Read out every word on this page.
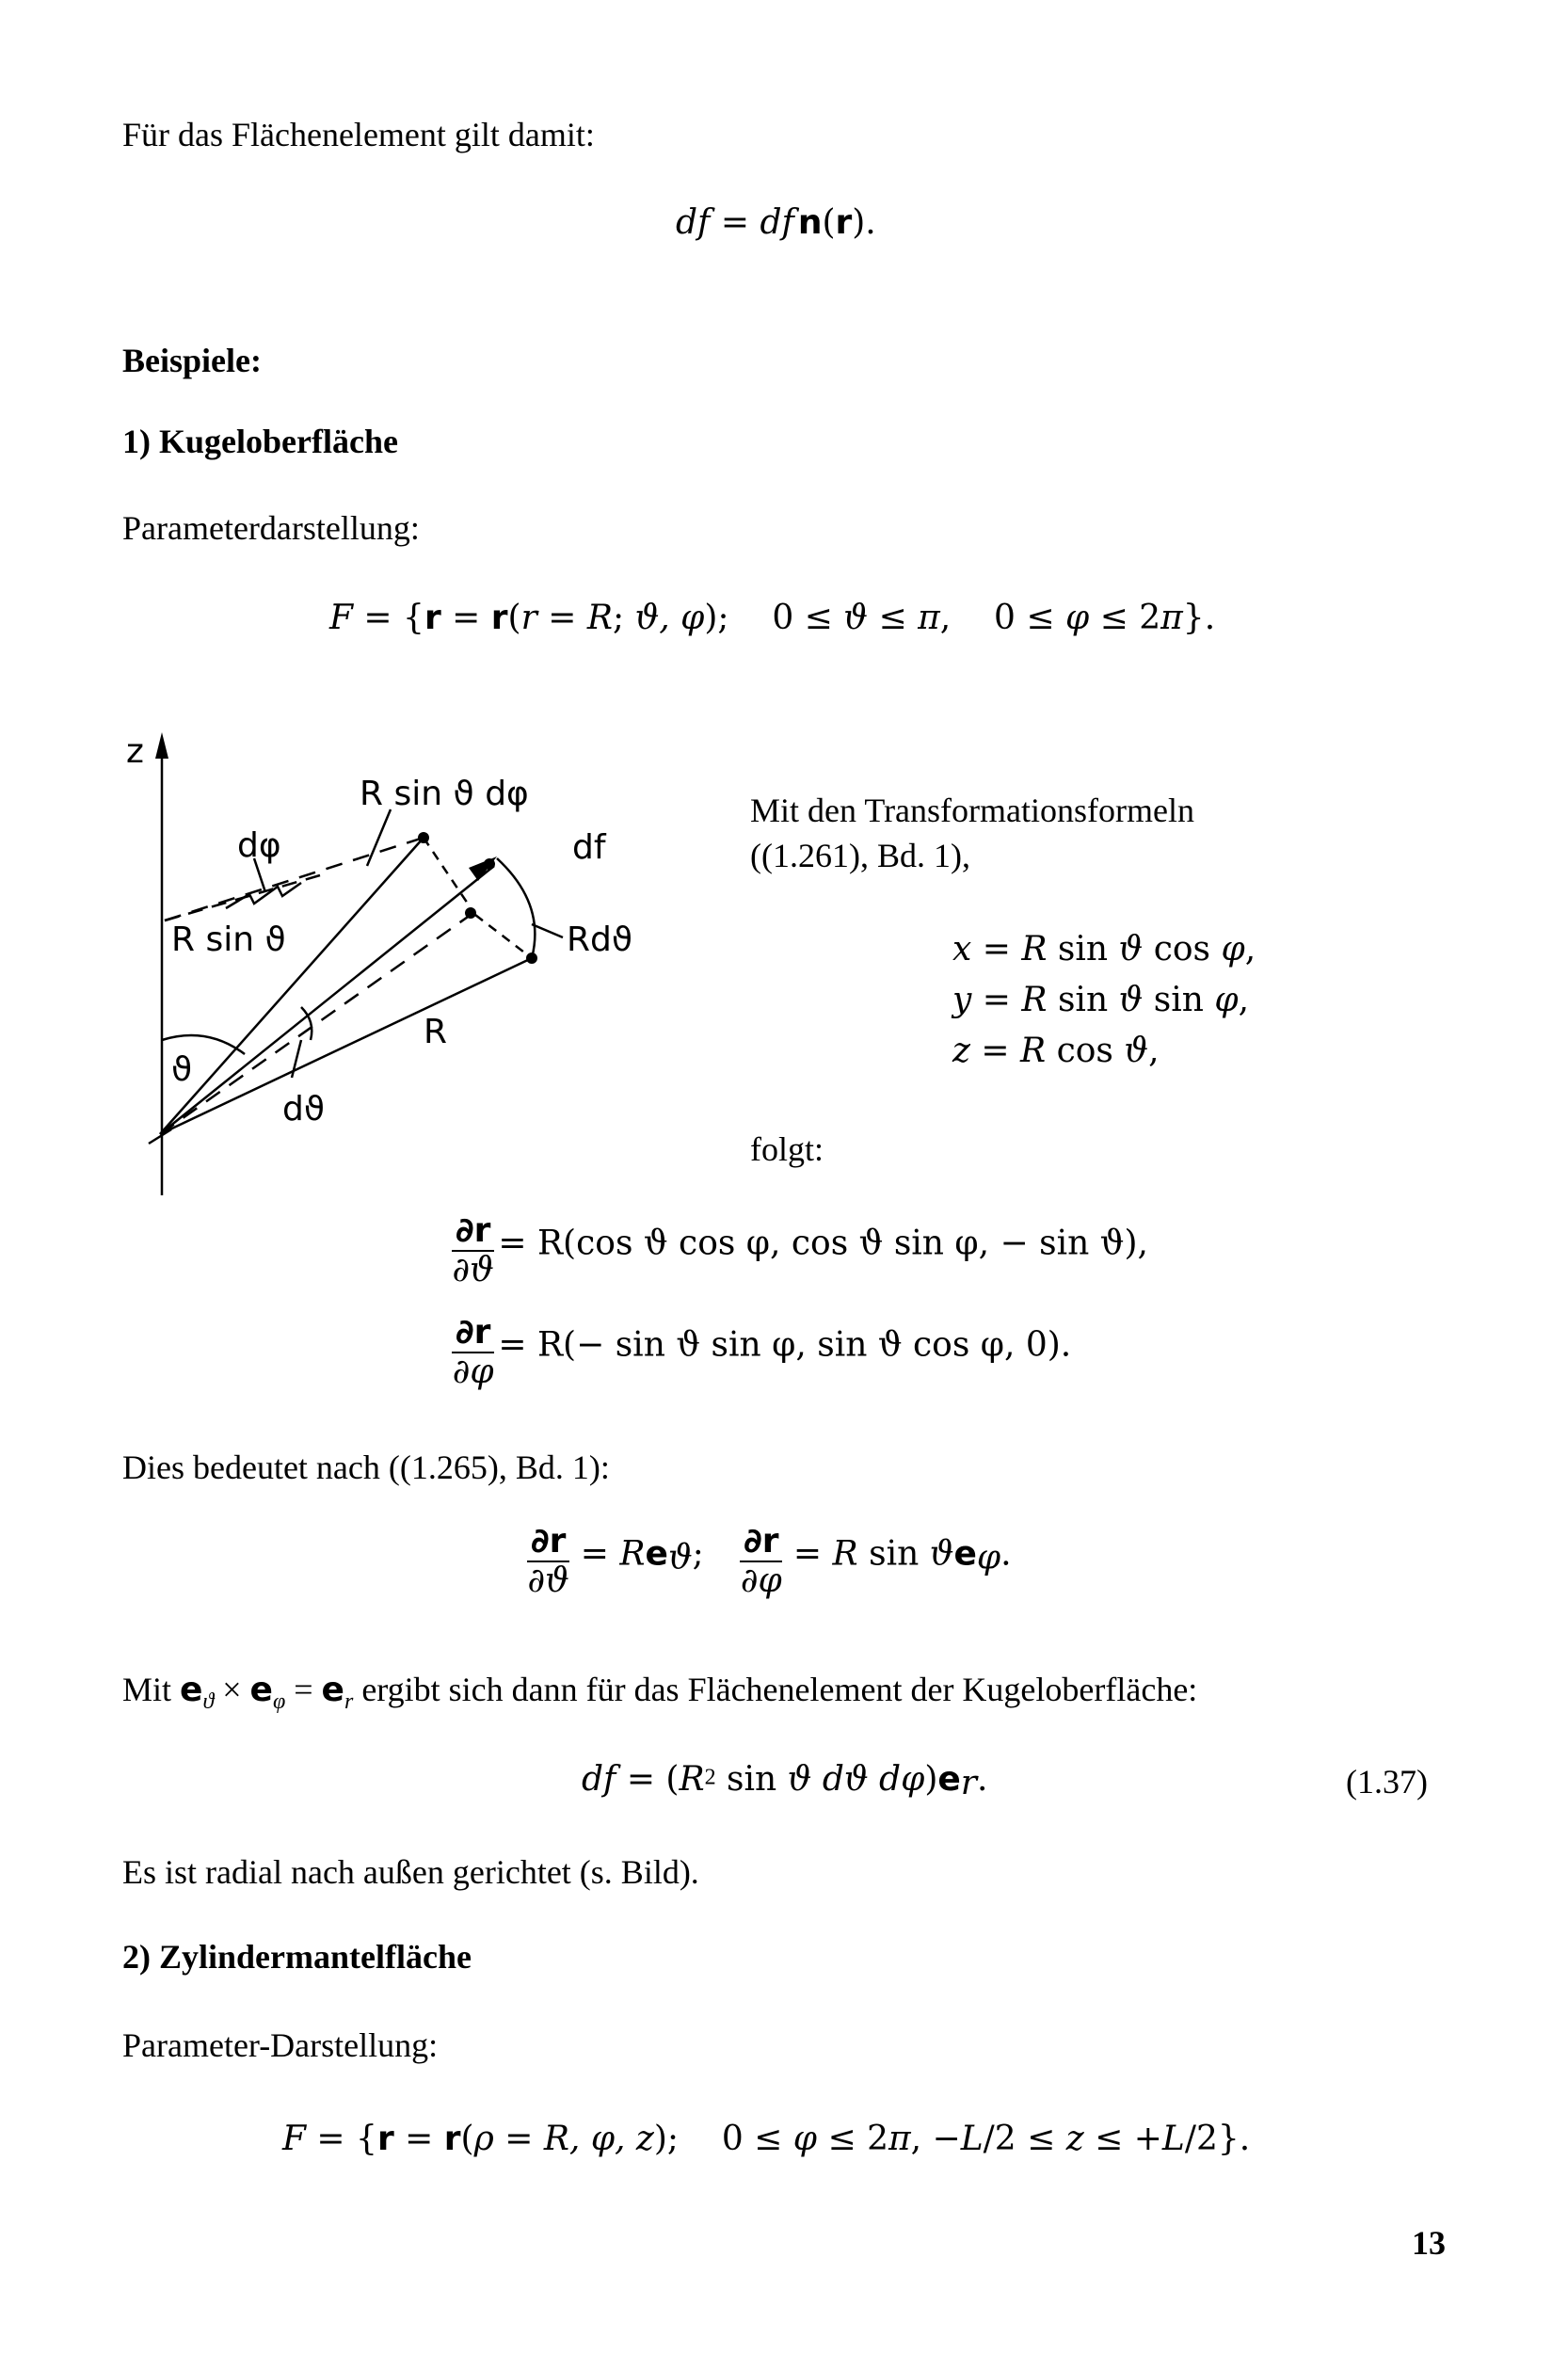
Für das Flächenelement gilt damit:
df = df n(r).
Beispiele:
1) Kugeloberfläche
Parameterdarstellung:
F = {r = r(r = R; ϑ, φ);    0 ≤ ϑ ≤ π,    0 ≤ φ ≤ 2π}.
z
R sin ϑ dφ
dφ	df
R sin ϑ	Rdϑ
R
ϑ
dϑ
Mit den Transformationsformeln
((1.261), Bd. 1),
x = R sin ϑ cos φ,
y = R sin ϑ sin φ,
z = R cos ϑ,
folgt:
$\frac{\partial r}{\partial ϑ} = R(\cos$ ϑ cos φ, cos ϑ sin φ, − sin ϑ),
$\frac{\partial r}{\partial\varphi} = R(- \sin ϑ$ sin φ, sin ϑ cos φ, 0).
Dies bedeutet nach ((1.265), Bd. 1):
$\frac{\partial r}{\partial ϑ} = Re_ϑ$; $\frac{\partial r}{\partial\varphi} = R$ $\sin ϑe_\varphi$.
Mit $e_ϑ \times e_\varphi = e_r$ ergibt sich dann für das Flächenelement der Kugeloberfläche:
df = ($R^2$ sin ϑ dϑ $d\varphi)e_r$.	(1.37)
Es ist radial nach außen gerichtet (s. Bild).
2) Zylindermantelfläche
Parameter-Darstellung:
F = {r = r(ρ = R, φ, z);    0 ≤ φ ≤ 2π, −L/2 ≤ z ≤ +L/2}.
13
